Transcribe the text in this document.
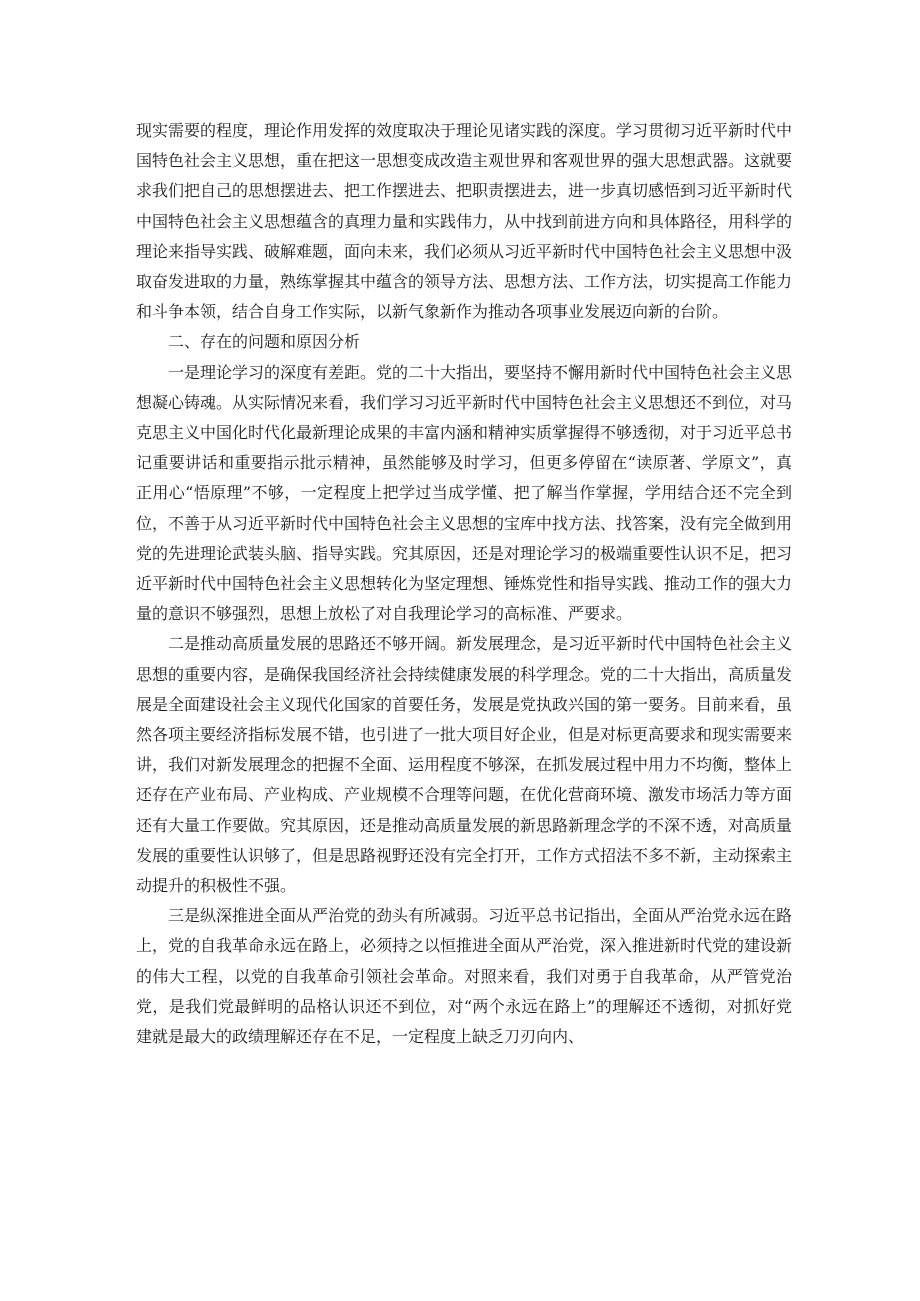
现实需要的程度，理论作用发挥的效度取决于理论见诸实践的深度。学习贯彻习近平新时代中国特色社会主义思想，重在把这一思想变成改造主观世界和客观世界的强大思想武器。这就要求我们把自己的思想摆进去、把工作摆进去、把职责摆进去，进一步真切感悟到习近平新时代中国特色社会主义思想蕴含的真理力量和实践伟力，从中找到前进方向和具体路径，用科学的理论来指导实践、破解难题，面向未来，我们必须从习近平新时代中国特色社会主义思想中汲取奋发进取的力量，熟练掌握其中蕴含的领导方法、思想方法、工作方法，切实提高工作能力和斗争本领，结合自身工作实际，以新气象新作为推动各项事业发展迈向新的台阶。

二、存在的问题和原因分析

一是理论学习的深度有差距。党的二十大指出，要坚持不懈用新时代中国特色社会主义思想凝心铸魂。从实际情况来看，我们学习习近平新时代中国特色社会主义思想还不到位，对马克思主义中国化时代化最新理论成果的丰富内涵和精神实质掌握得不够透彻，对于习近平总书记重要讲话和重要指示批示精神，虽然能够及时学习，但更多停留在“读原著、学原文”，真正用心“悟原理”不够，一定程度上把学过当成学懂、把了解当作掌握，学用结合还不完全到位，不善于从习近平新时代中国特色社会主义思想的宝库中找方法、找答案，没有完全做到用党的先进理论武装头脑、指导实践。究其原因，还是对理论学习的极端重要性认识不足，把习近平新时代中国特色社会主义思想转化为坚定理想、锤炼党性和指导实践、推动工作的强大力量的意识不够强烈，思想上放松了对自我理论学习的高标准、严要求。

二是推动高质量发展的思路还不够开阔。新发展理念，是习近平新时代中国特色社会主义思想的重要内容，是确保我国经济社会持续健康发展的科学理念。党的二十大指出，高质量发展是全面建设社会主义现代化国家的首要任务，发展是党执政兴国的第一要务。目前来看，虽然各项主要经济指标发展不错，也引进了一批大项目好企业，但是对标更高要求和现实需要来讲，我们对新发展理念的把握不全面、运用程度不够深，在抓发展过程中用力不均衡，整体上还存在产业布局、产业构成、产业规模不合理等问题，在优化营商环境、激发市场活力等方面还有大量工作要做。究其原因，还是推动高质量发展的新思路新理念学的不深不透，对高质量发展的重要性认识够了，但是思路视野还没有完全打开，工作方式招法不多不新，主动探索主动提升的积极性不强。

三是纵深推进全面从严治党的劲头有所减弱。习近平总书记指出，全面从严治党永远在路上，党的自我革命永远在路上，必须持之以恒推进全面从严治党，深入推进新时代党的建设新的伟大工程，以党的自我革命引领社会革命。对照来看，我们对勇于自我革命，从严管党治党，是我们党最鲜明的品格认识还不到位，对“两个永远在路上”的理解还不透彻，对抓好党建就是最大的政绩理解还存在不足，一定程度上缺乏刀刃向内、
